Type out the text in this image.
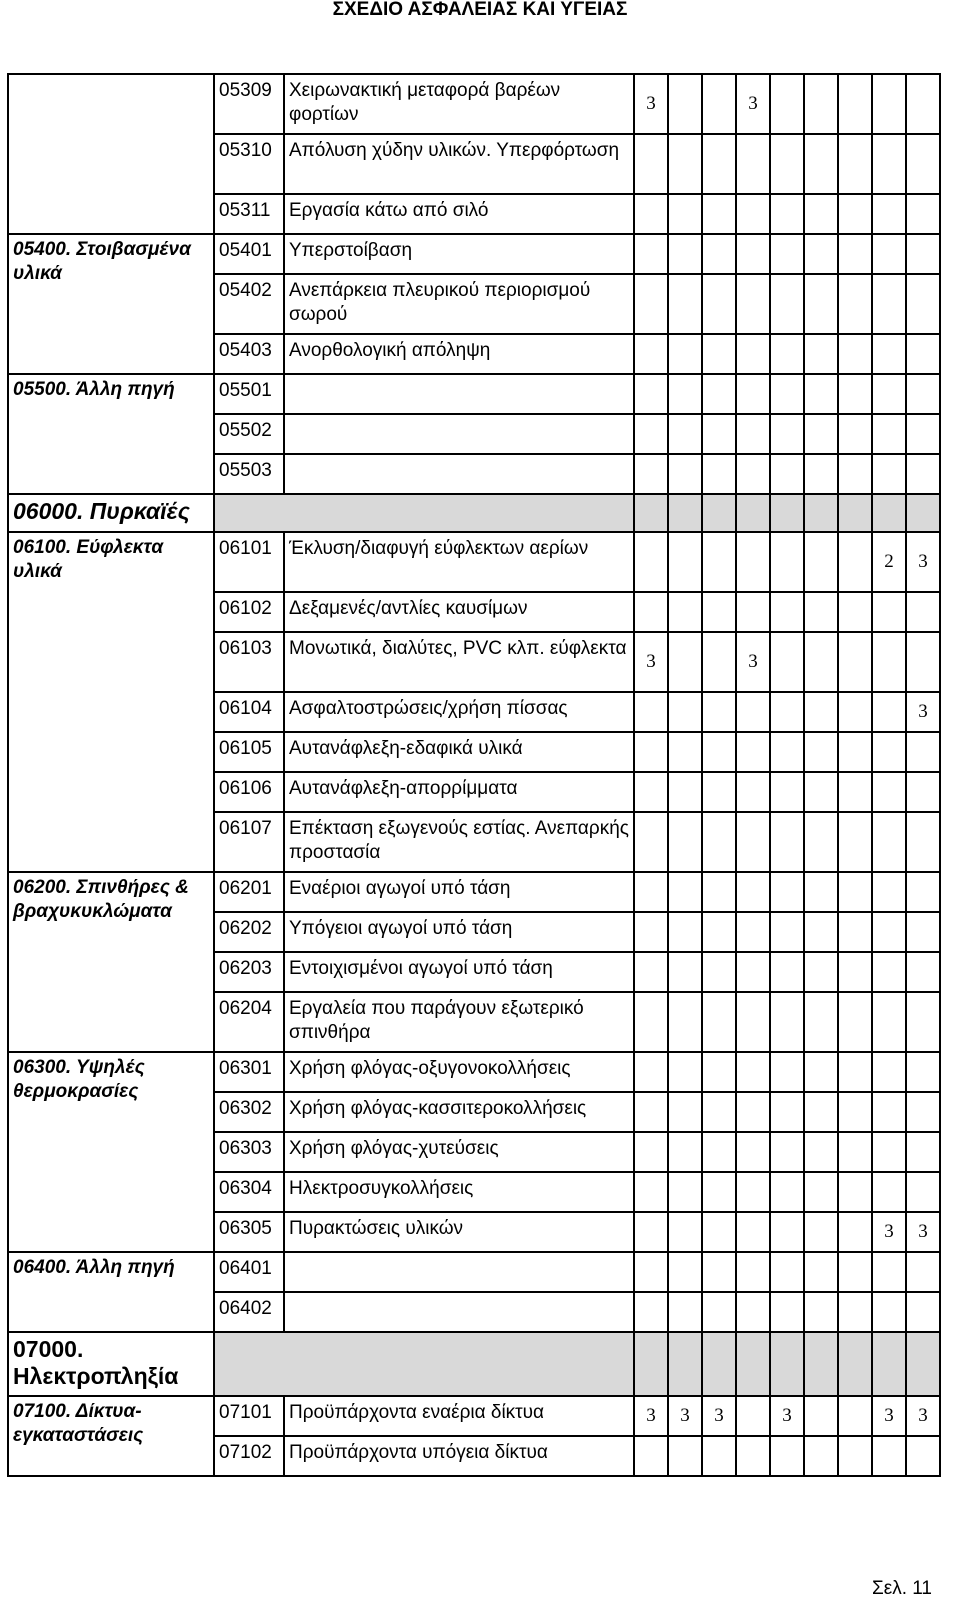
ΣΧΕΔΙΟ ΑΣΦΑΛΕΙΑΣ ΚΑΙ ΥΓΕΙΑΣ
	05309	Χειρωνακτική μεταφορά βαρέων φορτίων	3			3					
	05310	Απόλυση χύδην υλικών. Υπερφόρτωση									
	05311	Εργασία κάτω από σιλό									
05400. Στοιβασμένα υλικά	05401	Υπερστοίβαση									
	05402	Ανεπάρκεια πλευρικού περιορισμού σωρού									
	05403	Ανορθολογική απόληψη									
05500. Άλλη πηγή	05501										
	05502										
	05503										
06000. Πυρκαϊές											
06100. Εύφλεκτα υλικά	06101	Έκλυση/διαφυγή εύφλεκτων αερίων								2	3
	06102	Δεξαμενές/αντλίες καυσίμων									
	06103	Μονωτικά, διαλύτες, PVC κλπ. εύφλεκτα	3			3					
	06104	Ασφαλτοστρώσεις/χρήση πίσσας									3
	06105	Αυτανάφλεξη-εδαφικά υλικά									
	06106	Αυτανάφλεξη-απορρίμματα									
	06107	Επέκταση εξωγενούς εστίας. Ανεπαρκής προστασία									
06200. Σπινθήρες & βραχυκυκλώματα	06201	Εναέριοι αγωγοί υπό τάση									
	06202	Υπόγειοι αγωγοί υπό τάση									
	06203	Εντοιχισμένοι αγωγοί υπό τάση									
	06204	Εργαλεία που παράγουν εξωτερικό σπινθήρα									
06300. Υψηλές θερμοκρασίες	06301	Χρήση φλόγας-οξυγονοκολλήσεις									
	06302	Χρήση φλόγας-κασσιτεροκολλήσεις									
	06303	Χρήση φλόγας-χυτεύσεις									
	06304	Ηλεκτροσυγκολλήσεις									
	06305	Πυρακτώσεις υλικών								3	3
06400. Άλλη πηγή	06401										
	06402										
07000. Ηλεκτροπληξία											
07100. Δίκτυα-εγκαταστάσεις	07101	Προϋπάρχοντα εναέρια δίκτυα	3	3	3		3			3	3
	07102	Προϋπάρχοντα υπόγεια δίκτυα									
Σελ. 11
